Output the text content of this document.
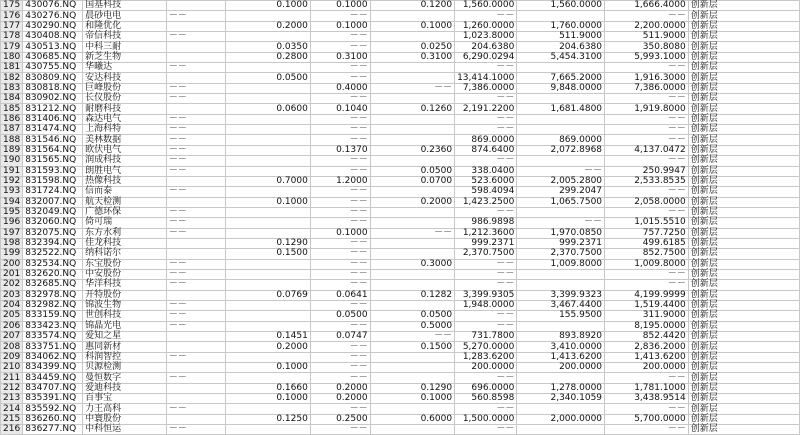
175	430076.NQ	国基科技		0.1000	0.1000	0.1200	1,560.0000	1,560.0000	1,666.4000	创新层
176	430276.NQ	晨砂电电	－－		－－		－－		－－	创新层
177	430290.NQ	和隆优化		0.2000	0.1000	0.1000	1,260.0000	1,760.0000	2,200.0000	创新层
178	430408.NQ	帝信科技	－－		－－		1,023.8000	511.9000	511.9000	创新层
179	430513.NQ	中科三耐		0.0350	－－	0.0250	204.6380	204.6380	350.8080	创新层
180	430685.NQ	新芝生物		0.2800	0.3100	0.3100	6,290.0294	5,454.3100	5,993.1000	创新层
181	430755.NQ	华曦达	－－		－－		－－		－－	创新层
182	830809.NQ	安达科技		0.0500	－－		13,414.1000	7,665.2000	1,916.3000	创新层
183	830818.NQ	巨峰股份	－－		0.4000	－－	7,386.0000	9,848.0000	7,386.0000	创新层
184	830902.NQ	长仪股份	－－		－－		－－		－－	创新层
185	831212.NQ	耐磨科技		0.0600	0.1040	0.1260	2,191.2200	1,681.4800	1,919.8000	创新层
186	831406.NQ	森达电气	－－		－－		－－		－－	创新层
187	831474.NQ	上海科特	－－		－－		－－		－－	创新层
188	831546.NQ	美林数据	－－		－－		869.0000	869.0000	－－	创新层
189	831564.NQ	欧伏电气	－－		0.1370	0.2360	874.6400	2,072.8968	4,137.0472	创新层
190	831565.NQ	润成科技	－－		－－		－－		－－	创新层
191	831593.NQ	朗胜电气	－－		－－	0.0500	338.0400	－－	250.9947	创新层
192	831598.NQ	热像科技		0.7000	1.2000	0.0700	523.6000	2,005.2800	2,533.8535	创新层
193	831724.NQ	信而泰	－－		－－		598.4094	299.2047	－－	创新层
194	832007.NQ	航天检测		0.1000	－－	0.2000	1,423.2500	1,065.7500	2,058.0000	创新层
195	832049.NQ	广德环保	－－		－－		－－		－－	创新层
196	832060.NQ	倚可瑞	－－		－－		986.9898	－－	1,015.5510	创新层
197	832075.NQ	东方水利	－－		0.1000	－－	1,212.3600	1,970.0850	757.7250	创新层
198	832394.NQ	佳龙科技		0.1290	－－		999.2371	999.2371	499.6185	创新层
199	832522.NQ	纳科诺尔		0.1500	－－		2,370.7500	2,370.7500	852.7500	创新层
200	832534.NQ	东宝股份	－－		－－	0.3000	－－	1,009.8000	1,009.8000	创新层
201	832620.NQ	中安股份	－－		－－		－－		－－	创新层
202	832685.NQ	华洋科技	－－		－－		－－		－－	创新层
203	832978.NQ	开特股份		0.0769	0.0641	0.1282	3,399.9305	3,399.9323	4,199.9999	创新层
204	832982.NQ	锦波生物	－－		－－		1,948.0000	3,467.4400	1,519.4400	创新层
205	833159.NQ	世创科技	－－		0.0500	0.0500	－－	155.9500	311.9000	创新层
206	833423.NQ	锦晶光电	－－		－－	0.5000	－－		8,195.0000	创新层
207	833574.NQ	爱知之星		0.1451	0.0747	－－	731.7800	893.8920	852.4420	创新层
208	833751.NQ	惠同新材		0.2000	－－	0.1500	5,270.0000	3,410.0000	2,836.2000	创新层
209	834062.NQ	科润智控	－－		－－		1,283.6200	1,413.6200	1,413.6200	创新层
210	834399.NQ	贝源检测		0.1000	－－		200.0000	200.0000	200.0000	创新层
211	834459.NQ	曼恒数字	－－		－－		－－		－－	创新层
212	834707.NQ	爱迪科技		0.1660	0.2000	0.1290	696.0000	1,278.0000	1,781.1000	创新层
213	835391.NQ	百事宝		0.1000	0.2000	0.1000	560.8598	2,340.1059	3,438.9514	创新层
214	835592.NQ	力王高科	－－		－－		－－		－－	创新层
215	836260.NQ	中寰股份		0.1250	0.2500	0.6000	1,500.0000	2,000.0000	5,700.0000	创新层
216	836277.NQ	中科恒运	－－		－－		－－		－－	创新层
